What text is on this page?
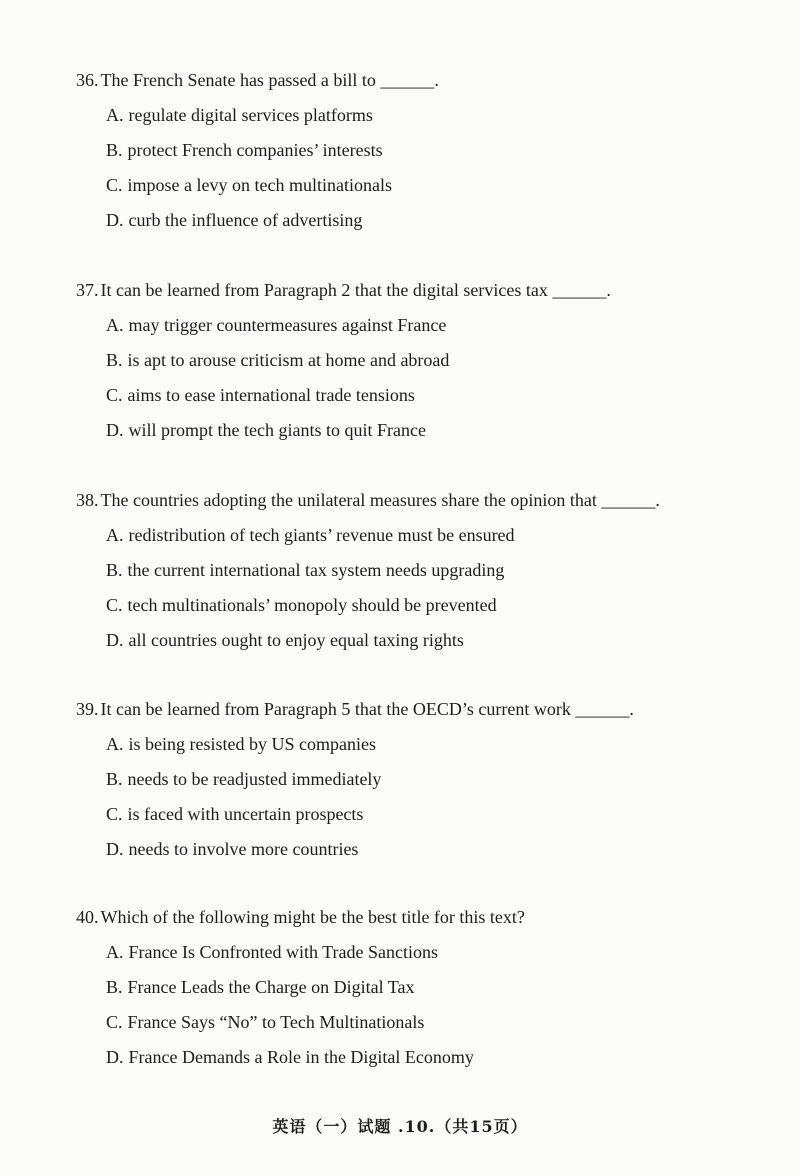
36. The French Senate has passed a bill to ______.
A. regulate digital services platforms
B. protect French companies’ interests
C. impose a levy on tech multinationals
D. curb the influence of advertising
37. It can be learned from Paragraph 2 that the digital services tax ______.
A. may trigger countermeasures against France
B. is apt to arouse criticism at home and abroad
C. aims to ease international trade tensions
D. will prompt the tech giants to quit France
38. The countries adopting the unilateral measures share the opinion that ______.
A. redistribution of tech giants’ revenue must be ensured
B. the current international tax system needs upgrading
C. tech multinationals’ monopoly should be prevented
D. all countries ought to enjoy equal taxing rights
39. It can be learned from Paragraph 5 that the OECD’s current work ______.
A. is being resisted by US companies
B. needs to be readjusted immediately
C. is faced with uncertain prospects
D. needs to involve more countries
40. Which of the following might be the best title for this text?
A. France Is Confronted with Trade Sanctions
B. France Leads the Charge on Digital Tax
C. France Says “No” to Tech Multinationals
D. France Demands a Role in the Digital Economy
英语（一）试题 .10.（共15页）
